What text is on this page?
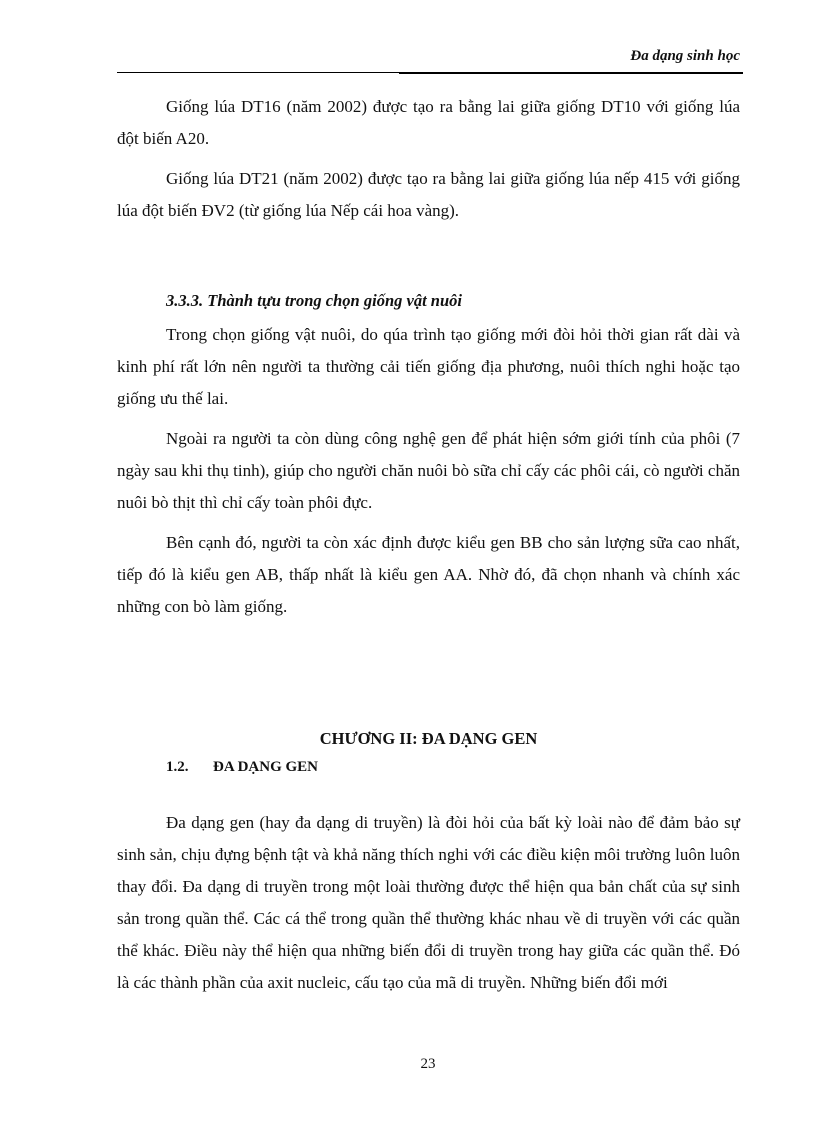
Đa dạng sinh học

Giống lúa DT16 (năm 2002) được tạo ra bằng lai giữa giống DT10 với giống lúa đột biến A20.

Giống lúa DT21 (năm 2002) được tạo ra bằng lai giữa giống lúa nếp 415 với giống lúa đột biến ĐV2 (từ giống lúa Nếp cái hoa vàng).

3.3.3. Thành tựu trong chọn giống vật nuôi

Trong chọn giống vật nuôi, do qúa trình tạo giống mới đòi hỏi thời gian rất dài và kinh phí rất lớn nên người ta thường cải tiến giống địa phương, nuôi thích nghi hoặc tạo giống ưu thế lai.

Ngoài ra người ta còn dùng công nghệ gen để phát hiện sớm giới tính của phôi (7 ngày sau khi thụ tinh), giúp cho người chăn nuôi bò sữa chỉ cấy các phôi cái, cò người chăn nuôi bò thịt thì chỉ cấy toàn phôi đực.

Bên cạnh đó, người ta còn xác định được kiểu gen BB cho sản lượng sữa cao nhất, tiếp đó là kiểu gen AB, thấp nhất là kiểu gen AA. Nhờ đó, đã chọn nhanh và chính xác những con bò làm giống.

CHƯƠNG II: ĐA DẠNG GEN
1.2.	ĐA DẠNG GEN

Đa dạng gen (hay đa dạng di truyền) là đòi hỏi của bất kỳ loài nào để đảm bảo sự sinh sản, chịu đựng bệnh tật và khả năng thích nghi với các điều kiện môi trường luôn luôn thay đổi. Đa dạng di truyền trong một loài thường được thể hiện qua bản chất của sự sinh sản trong quần thể. Các cá thể trong quần thể thường khác nhau về di truyền với các quần thể khác. Điều này thể hiện qua những biến đổi di truyền trong hay giữa các quần thể. Đó là các thành phần của axit nucleic, cấu tạo của mã di truyền. Những biến đổi mới

23
